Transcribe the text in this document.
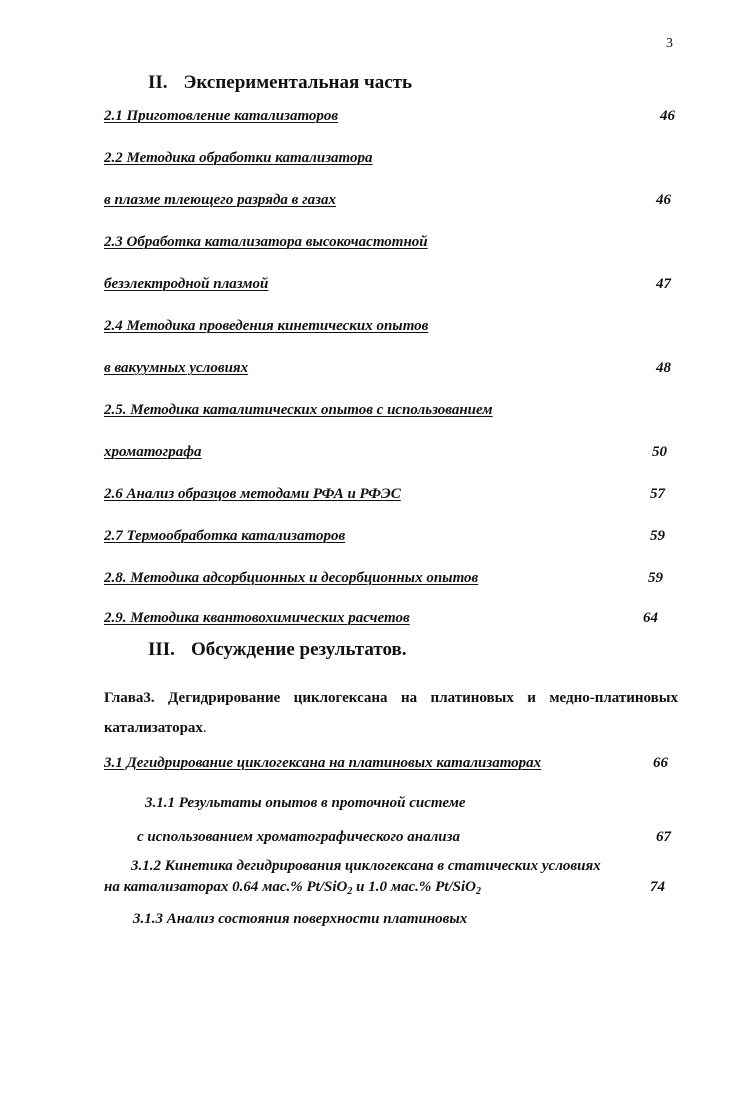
3
II. Экспериментальная часть
2.1 Приготовление катализаторов	46
2.2 Методика обработки катализатора
в плазме тлеющего разряда в газах	46
2.3 Обработка катализатора высокочастотной
безэлектродной плазмой	47
2.4 Методика проведения кинетических опытов
в вакуумных условиях	48
2.5. Методика каталитических опытов с использованием
хроматографа	50
2.6 Анализ образцов методами РФА и РФЭС	57
2.7 Термообработка катализаторов	59
2.8. Методика адсорбционных и десорбционных опытов	59
2.9. Методика квантовохимических расчетов	64
III. Обсуждение результатов.
Глава3. Дегидрирование циклогексана на платиновых и медно-платиновых катализаторах.
3.1 Дегидрирование циклогексана на платиновых катализаторах	66
3.1.1 Результаты опытов в проточной системе
с использованием хроматографического анализа	67
3.1.2 Кинетика дегидрирования циклогексана в статических условиях
на катализаторах 0.64 мас.% Pt/SiO$_2$ и 1.0 мас.% Pt/SiO$_2$	74
3.1.3 Анализ состояния поверхности платиновых
